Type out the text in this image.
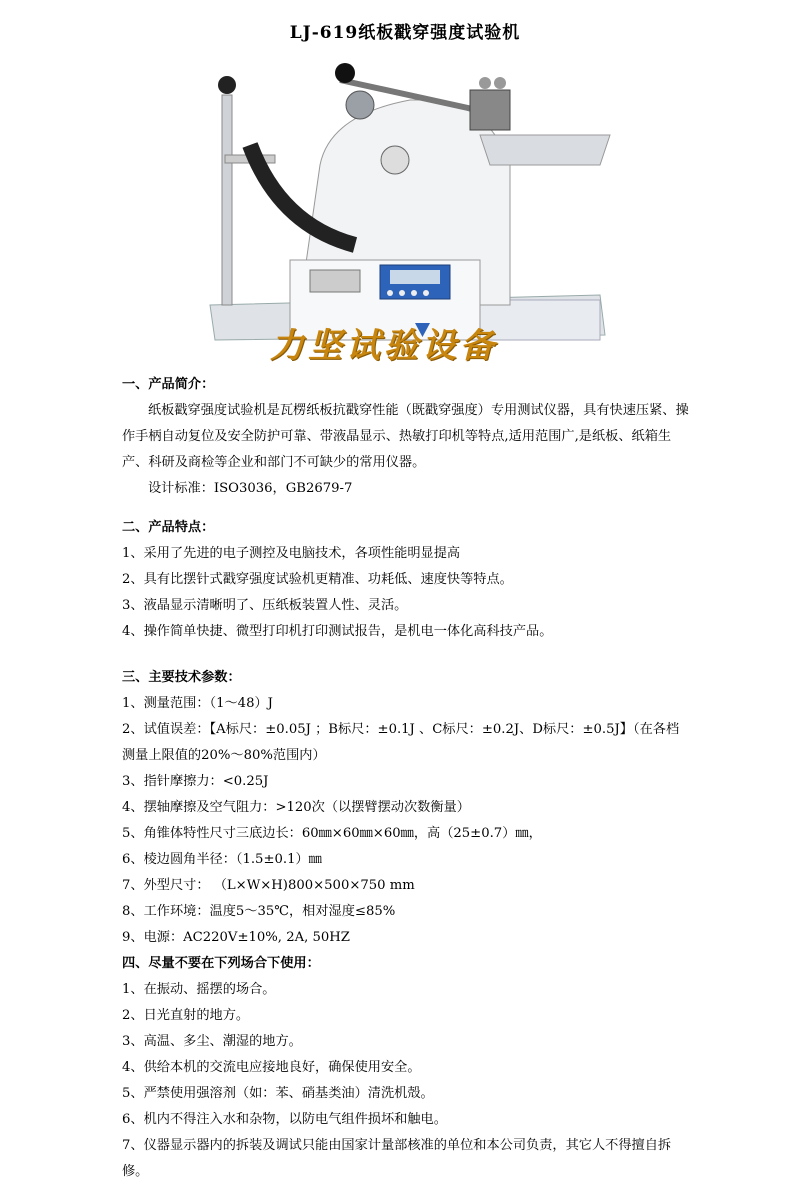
LJ-619纸板戳穿强度试验机
力坚试验设备
一、产品简介：
纸板戳穿强度试验机是瓦楞纸板抗戳穿性能（既戳穿强度）专用测试仪器，具有快速压紧、操作手柄自动复位及安全防护可靠、带液晶显示、热敏打印机等特点,适用范围广,是纸板、纸箱生产、科研及商检等企业和部门不可缺少的常用仪器。
设计标准：ISO3036，GB2679-7
二、产品特点：
1、采用了先进的电子测控及电脑技术，各项性能明显提高
2、具有比摆针式戳穿强度试验机更精准、功耗低、速度快等特点。
3、液晶显示清晰明了、压纸板装置人性、灵活。
4、操作简单快捷、微型打印机打印测试报告，是机电一体化高科技产品。
三、主要技术参数：
1、测量范围：（1～48）J
2、试值误差：【A标尺：±0.05J ；B标尺：±0.1J 、C标尺：±0.2J、D标尺：±0.5J】（在各档测量上限值的20%～80%范围内）
3、指针摩擦力：<0.25J
4、摆轴摩擦及空气阻力：>120次（以摆臂摆动次数衡量）
5、角锥体特性尺寸三底边长：60㎜×60㎜×60㎜，高（25±0.7）㎜，
6、棱边圆角半径：（1.5±0.1）㎜
7、外型尺寸： （L×W×H)800×500×750 mm
8、工作环境：温度5～35℃，相对湿度≤85%
9、电源：AC220V±10%, 2A, 50HZ
四、尽量不要在下列场合下使用：
1、在振动、摇摆的场合。
2、日光直射的地方。
3、高温、多尘、潮湿的地方。
4、供给本机的交流电应接地良好，确保使用安全。
5、严禁使用强溶剂（如：苯、硝基类油）清洗机殻。
6、机内不得注入水和杂物，以防电气组件损坏和触电。
7、仪器显示器内的拆装及调试只能由国家计量部核准的单位和本公司负责，其它人不得擅自拆修。
